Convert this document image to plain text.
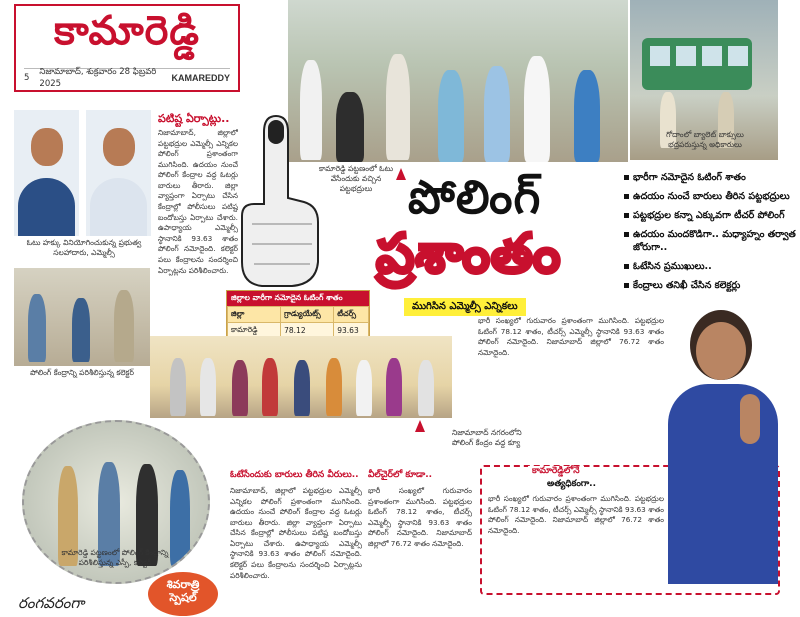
కామారెడ్డి
5
నిజామాబాద్, శుక్రవారం 28 ఫిబ్రవరి 2025
KAMAREDDY
ఓటు హక్కు వినియోగించుకున్న ప్రభుత్వ సలహాదారు, ఎమ్మెల్సీ
పటిష్ట ఏర్పాట్లు..
నిజామాబాద్, జిల్లాలో పట్టభద్రుల ఎమ్మెల్సీ ఎన్నికల పోలింగ్ ప్రశాంతంగా ముగిసింది. ఉదయం నుంచే పోలింగ్ కేంద్రాల వద్ద ఓటర్లు బారులు తీరారు. జిల్లా వ్యాప్తంగా ఏర్పాటు చేసిన కేంద్రాల్లో పోలీసులు పటిష్ట బందోబస్తు ఏర్పాటు చేశారు. ఉపాధ్యాయ ఎమ్మెల్సీ స్థానానికి 93.63 శాతం పోలింగ్ నమోదైంది. కలెక్టర్ పలు కేంద్రాలను సందర్శించి ఏర్పాట్లను పరిశీలించారు.
పోలింగ్ కేంద్రాన్ని పరిశీలిస్తున్న కలెక్టర్
కామారెడ్డి పట్టణంలో ఓటు వేసేందుకు వచ్చిన పట్టభద్రులు
గోదాంలో బ్యాలెట్ బాక్సులు భద్రపరుస్తున్న అధికారులు
పోలింగ్
ప్రశాంతం
భారీగా నమోదైన ఓటింగ్ శాతం
ఉదయం నుంచే బారులు తీరిన పట్టభద్రులు
పట్టభద్రుల కన్నా ఎక్కువగా టీచర్ పోలింగ్
ఉదయం మందకొడిగా.. మధ్యాహ్నం తర్వాత జోరుగా..
ఓటేసిన ప్రముఖులు..
కేంద్రాలు తనిఖీ చేసిన కలెక్టర్లు
ముగిసిన ఎమ్మెల్సీ ఎన్నికలు
భారీ సంఖ్యలో గురువారం ప్రశాంతంగా ముగిసింది. పట్టభద్రుల ఓటింగ్ 78.12 శాతం, టీచర్స్ ఎమ్మెల్సీ స్థానానికి 93.63 శాతం పోలింగ్ నమోదైంది. నిజామాబాద్ జిల్లాలో 76.72 శాతం నమోదైంది.
జిల్లాల వారీగా నమోదైన ఓటింగ్ శాతం
జిల్లా	గ్రాడ్యుయేట్స్	టీచర్స్
కామారెడ్డి	78.12	93.63

నిజామాబాద్ నగరంలోని పోలింగ్ కేంద్రం వద్ద క్యూ
ఓటేసేందుకు బారులు తీరిన వీరులు.. వీల్‌చైర్‌లో కూడా..
నిజామాబాద్, జిల్లాలో పట్టభద్రుల ఎమ్మెల్సీ ఎన్నికల పోలింగ్ ప్రశాంతంగా ముగిసింది. ఉదయం నుంచే పోలింగ్ కేంద్రాల వద్ద ఓటర్లు బారులు తీరారు. జిల్లా వ్యాప్తంగా ఏర్పాటు చేసిన కేంద్రాల్లో పోలీసులు పటిష్ట బందోబస్తు ఏర్పాటు చేశారు. ఉపాధ్యాయ ఎమ్మెల్సీ స్థానానికి 93.63 శాతం పోలింగ్ నమోదైంది. కలెక్టర్ పలు కేంద్రాలను సందర్శించి ఏర్పాట్లను పరిశీలించారు.
భారీ సంఖ్యలో గురువారం ప్రశాంతంగా ముగిసింది. పట్టభద్రుల ఓటింగ్ 78.12 శాతం, టీచర్స్ ఎమ్మెల్సీ స్థానానికి 93.63 శాతం పోలింగ్ నమోదైంది. నిజామాబాద్ జిల్లాలో 76.72 శాతం నమోదైంది.
కామారెడ్డి పట్టణంలో పోలింగ్ కేంద్రాన్ని పరిశీలిస్తున్న ఎస్పీ, కలెక్టర్
కామారెడ్డిలోనే
అత్యధికంగా..
భారీ సంఖ్యలో గురువారం ప్రశాంతంగా ముగిసింది. పట్టభద్రుల ఓటింగ్ 78.12 శాతం, టీచర్స్ ఎమ్మెల్సీ స్థానానికి 93.63 శాతం పోలింగ్ నమోదైంది. నిజామాబాద్ జిల్లాలో 76.72 శాతం నమోదైంది.
శివరాత్రి
స్పెషల్
రంగవరంగా
